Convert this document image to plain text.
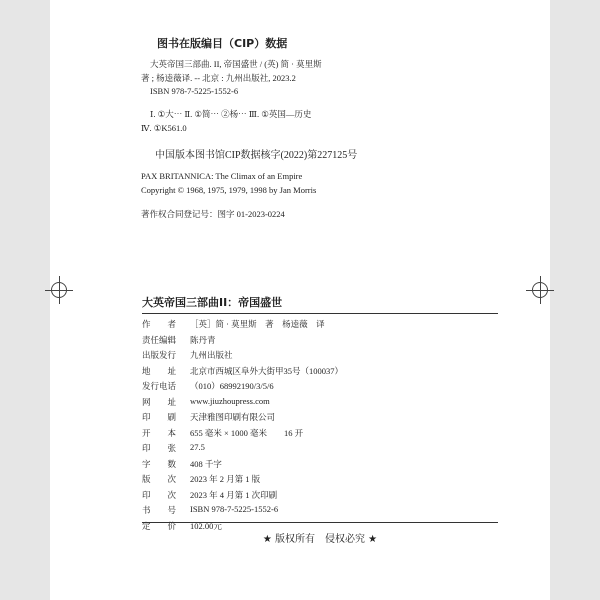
图书在版编目（CIP）数据
大英帝国三部曲. II, 帝国盛世 / (英) 简 · 莫里斯
著 ; 杨逵薇译. -- 北京 : 九州出版社, 2023.2
ISBN 978-7-5225-1552-6
Ⅰ. ①大⋯ Ⅱ. ①简⋯ ②杨⋯ Ⅲ. ①英国—历史
Ⅳ. ①K561.0
中国版本图书馆CIP数据核字(2022)第227125号
PAX BRITANNICA: The Climax of an Empire
Copyright © 1968, 1975, 1979, 1998 by Jan Morris
著作权合同登记号：图字 01-2023-0224
大英帝国三部曲II：帝国盛世
作 者 ［英］简 · 莫里斯　著　杨逵薇　译
责任编辑 陈丹青
出版发行 九州出版社
地 址 北京市西城区阜外大街甲35号（100037）
发行电话 （010）68992190/3/5/6
网 址 www.jiuzhoupress.com
印 刷 天津雅图印刷有限公司
开 本 655 毫米 × 1000 毫米　　16 开
印 张 27.5
字 数 408 千字
版 次 2023 年 2 月第 1 版
印 次 2023 年 4 月第 1 次印刷
书 号 ISBN 978-7-5225-1552-6
定 价 102.00元
★ 版权所有　侵权必究 ★
